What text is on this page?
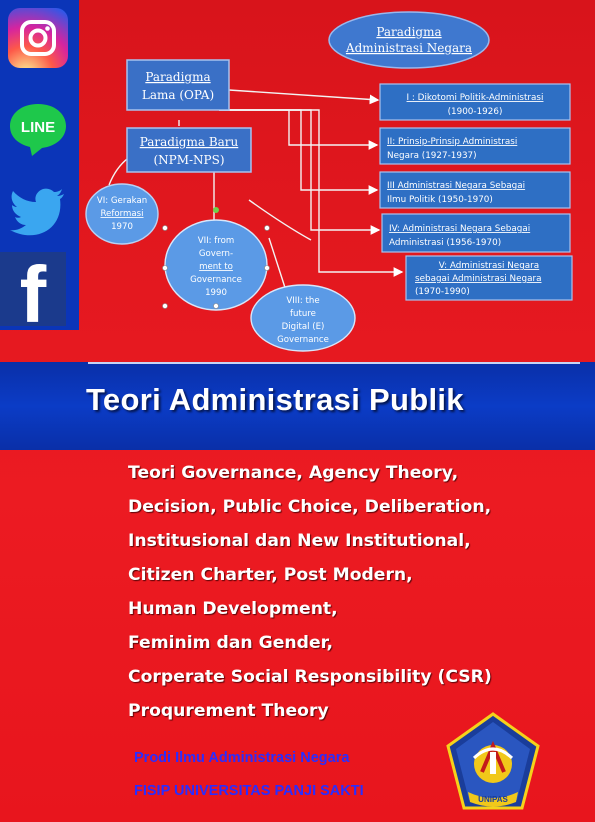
LINE
f
Paradigma
Administrasi Negara
Paradigma
Lama (OPA)
Paradigma Baru
(NPM-NPS)
I : Dikotomi Politik-Administrasi
(1900-1926)
II: Prinsip-Prinsip Administrasi
Negara (1927-1937)
III Administrasi Negara Sebagai
Ilmu Politik (1950-1970)
IV: Administrasi Negara Sebagai
Administrasi (1956-1970)
V: Administrasi Negara
sebagai Administrasi Negara
(1970-1990)
VI: Gerakan
Reformasi
1970
VII: from
Govern-
ment to
Governance
1990
VIII: the
future
Digital (E)
Governance
Teori Administrasi Publik
Teori Governance, Agency Theory,
Decision, Public Choice, Deliberation,
Institusional dan New Institutional,
Citizen Charter, Post Modern,
Human Development,
Feminim dan Gender,
Corperate Social Responsibility (CSR)
Proqurement Theory
Prodi Ilmu Administrasi Negara
FISIP UNIVERSITAS PANJI SAKTI
UNIPAS
